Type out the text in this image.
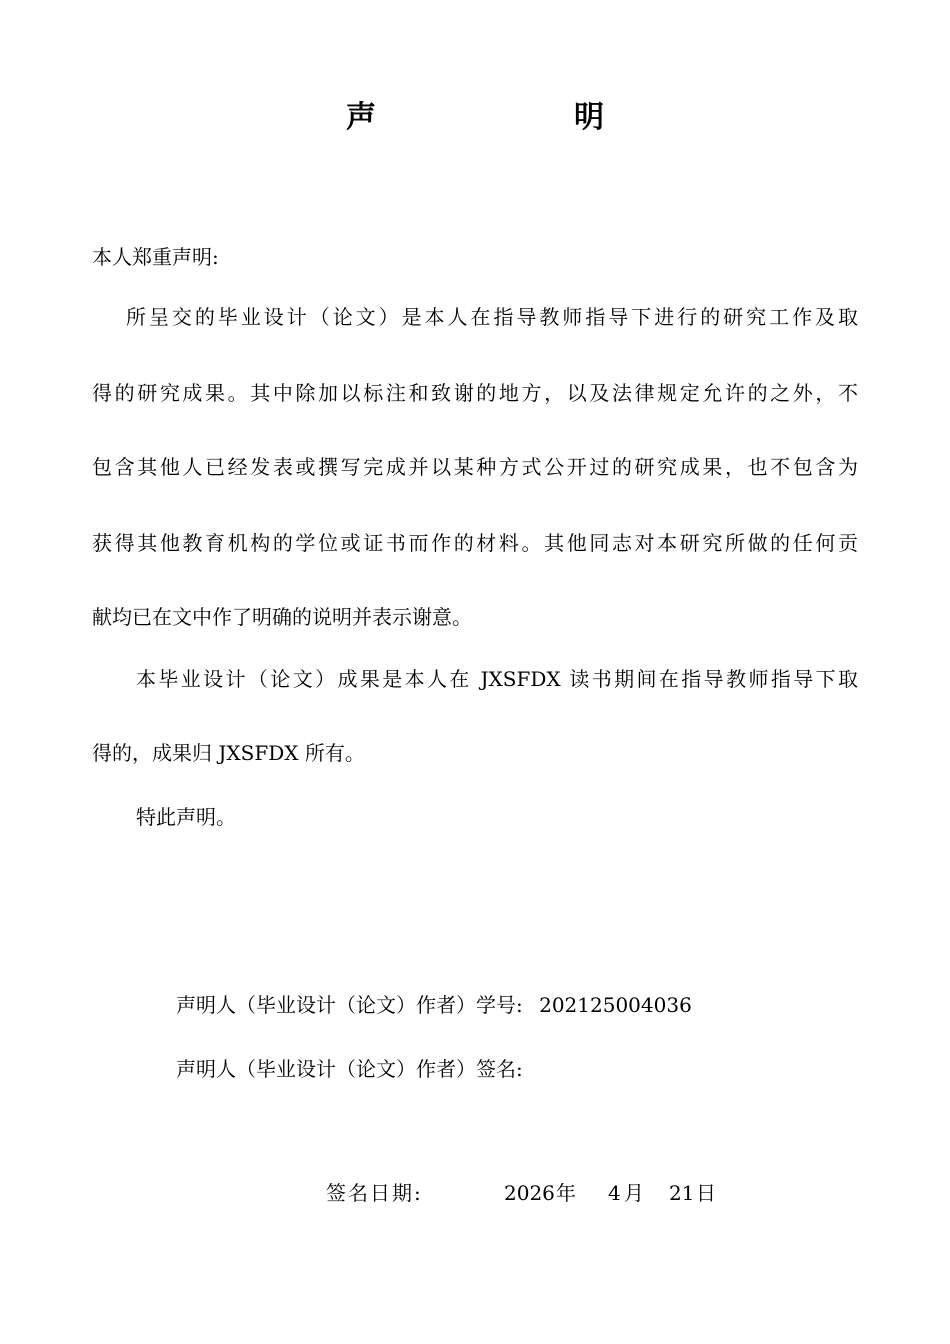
声　明
本人郑重声明:
所呈交的毕业设计（论文）是本人在指导教师指导下进行的研究工作及取
得的研究成果。其中除加以标注和致谢的地方，以及法律规定允许的之外，不
包含其他人已经发表或撰写完成并以某种方式公开过的研究成果，也不包含为
获得其他教育机构的学位或证书而作的材料。其他同志对本研究所做的任何贡
献均已在文中作了明确的说明并表示谢意。
本毕业设计（论文）成果是本人在 JXSFDX 读书期间在指导教师指导下取
得的，成果归 JXSFDX 所有。
特此声明。
声明人（毕业设计（论文）作者）学号: 202125004036
声明人（毕业设计（论文）作者）签名:
签名日期:	2026 年 4 月 21 日
